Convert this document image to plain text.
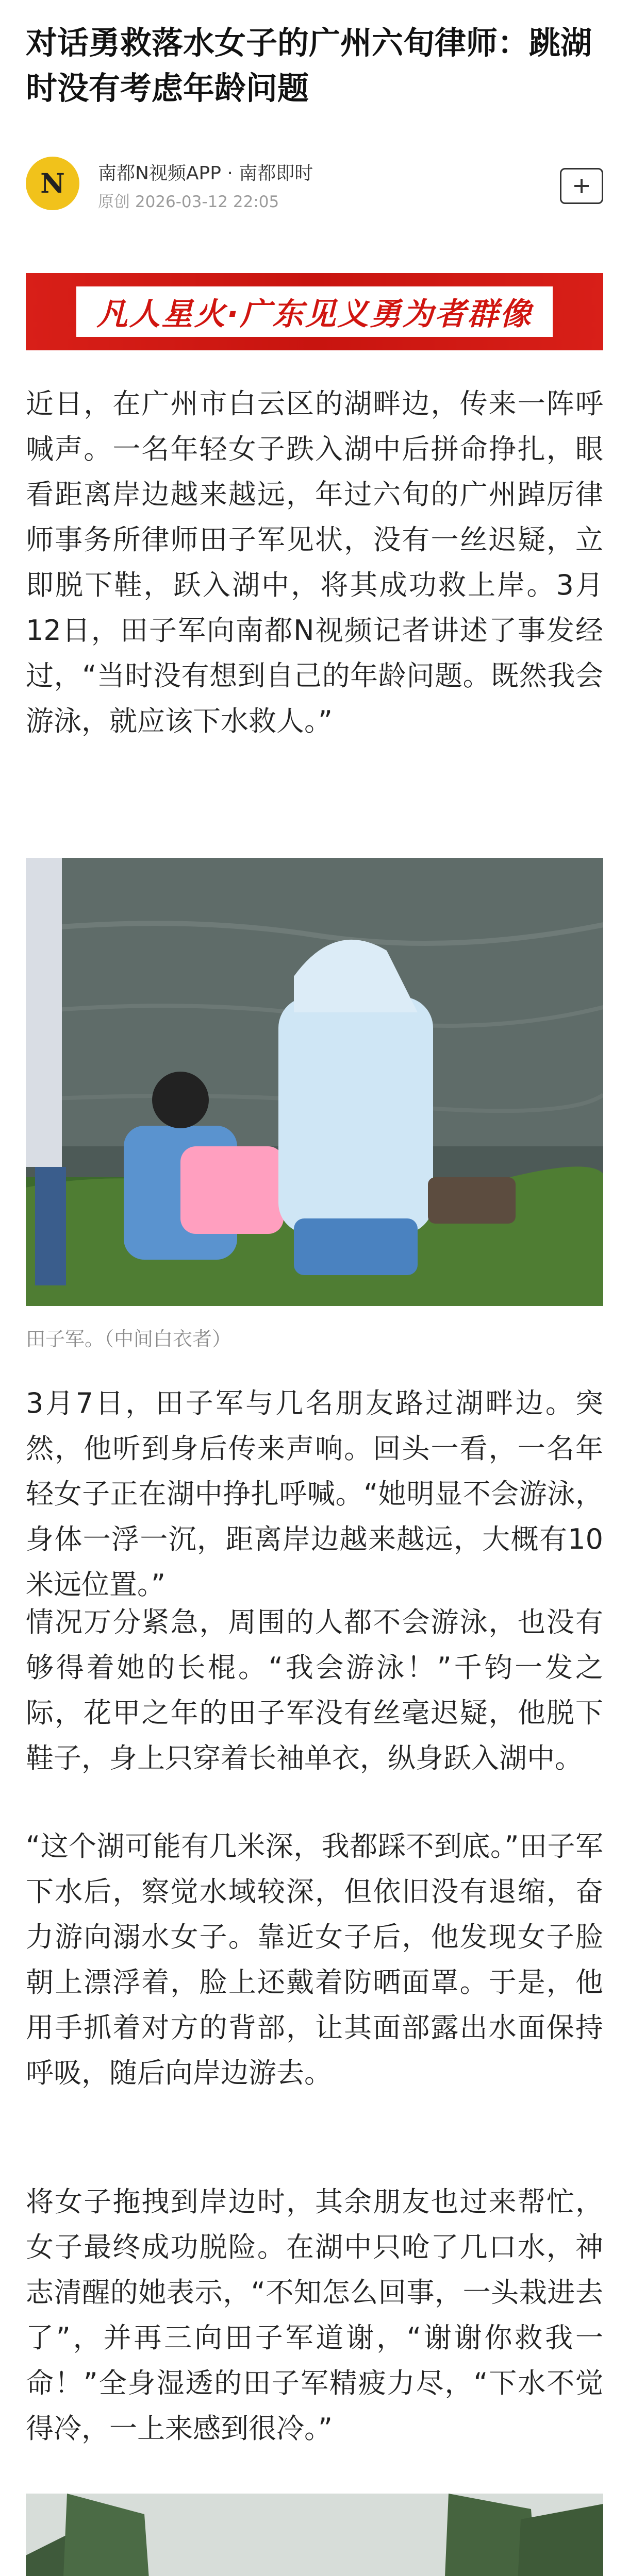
对话勇救落水女子的广州六旬律师：跳湖时没有考虑年龄问题
N 南都N视频APP · 南都即时
原创 2026-03-12 22:05
凡人星火·广东见义勇为者群像

近日，在广州市白云区的湖畔边，传来一阵呼喊声。一名年轻女子跌入湖中后拼命挣扎，眼看距离岸边越来越远，年过六旬的广州踔厉律师事务所律师田子军见状，没有一丝迟疑，立即脱下鞋，跃入湖中，将其成功救上岸。3月12日，田子军向南都N视频记者讲述了事发经过，“当时没有想到自己的年龄问题。既然我会游泳，就应该下水救人。”

田子军。（中间白衣者）

3月7日，田子军与几名朋友路过湖畔边。突然，他听到身后传来声响。回头一看，一名年轻女子正在湖中挣扎呼喊。“她明显不会游泳，身体一浮一沉，距离岸边越来越远，大概有10米远位置。”

情况万分紧急，周围的人都不会游泳，也没有够得着她的长棍。“我会游泳！”千钧一发之际，花甲之年的田子军没有丝毫迟疑，他脱下鞋子，身上只穿着长袖单衣，纵身跃入湖中。

“这个湖可能有几米深，我都踩不到底。”田子军下水后，察觉水域较深，但依旧没有退缩，奋力游向溺水女子。靠近女子后，他发现女子脸朝上漂浮着，脸上还戴着防晒面罩。于是，他用手抓着对方的背部，让其面部露出水面保持呼吸，随后向岸边游去。

将女子拖拽到岸边时，其余朋友也过来帮忙，女子最终成功脱险。在湖中只呛了几口水，神志清醒的她表示，“不知怎么回事，一头栽进去了”，并再三向田子军道谢，“谢谢你救我一命！”全身湿透的田子军精疲力尽，“下水不觉得冷，一上来感到很冷。”
